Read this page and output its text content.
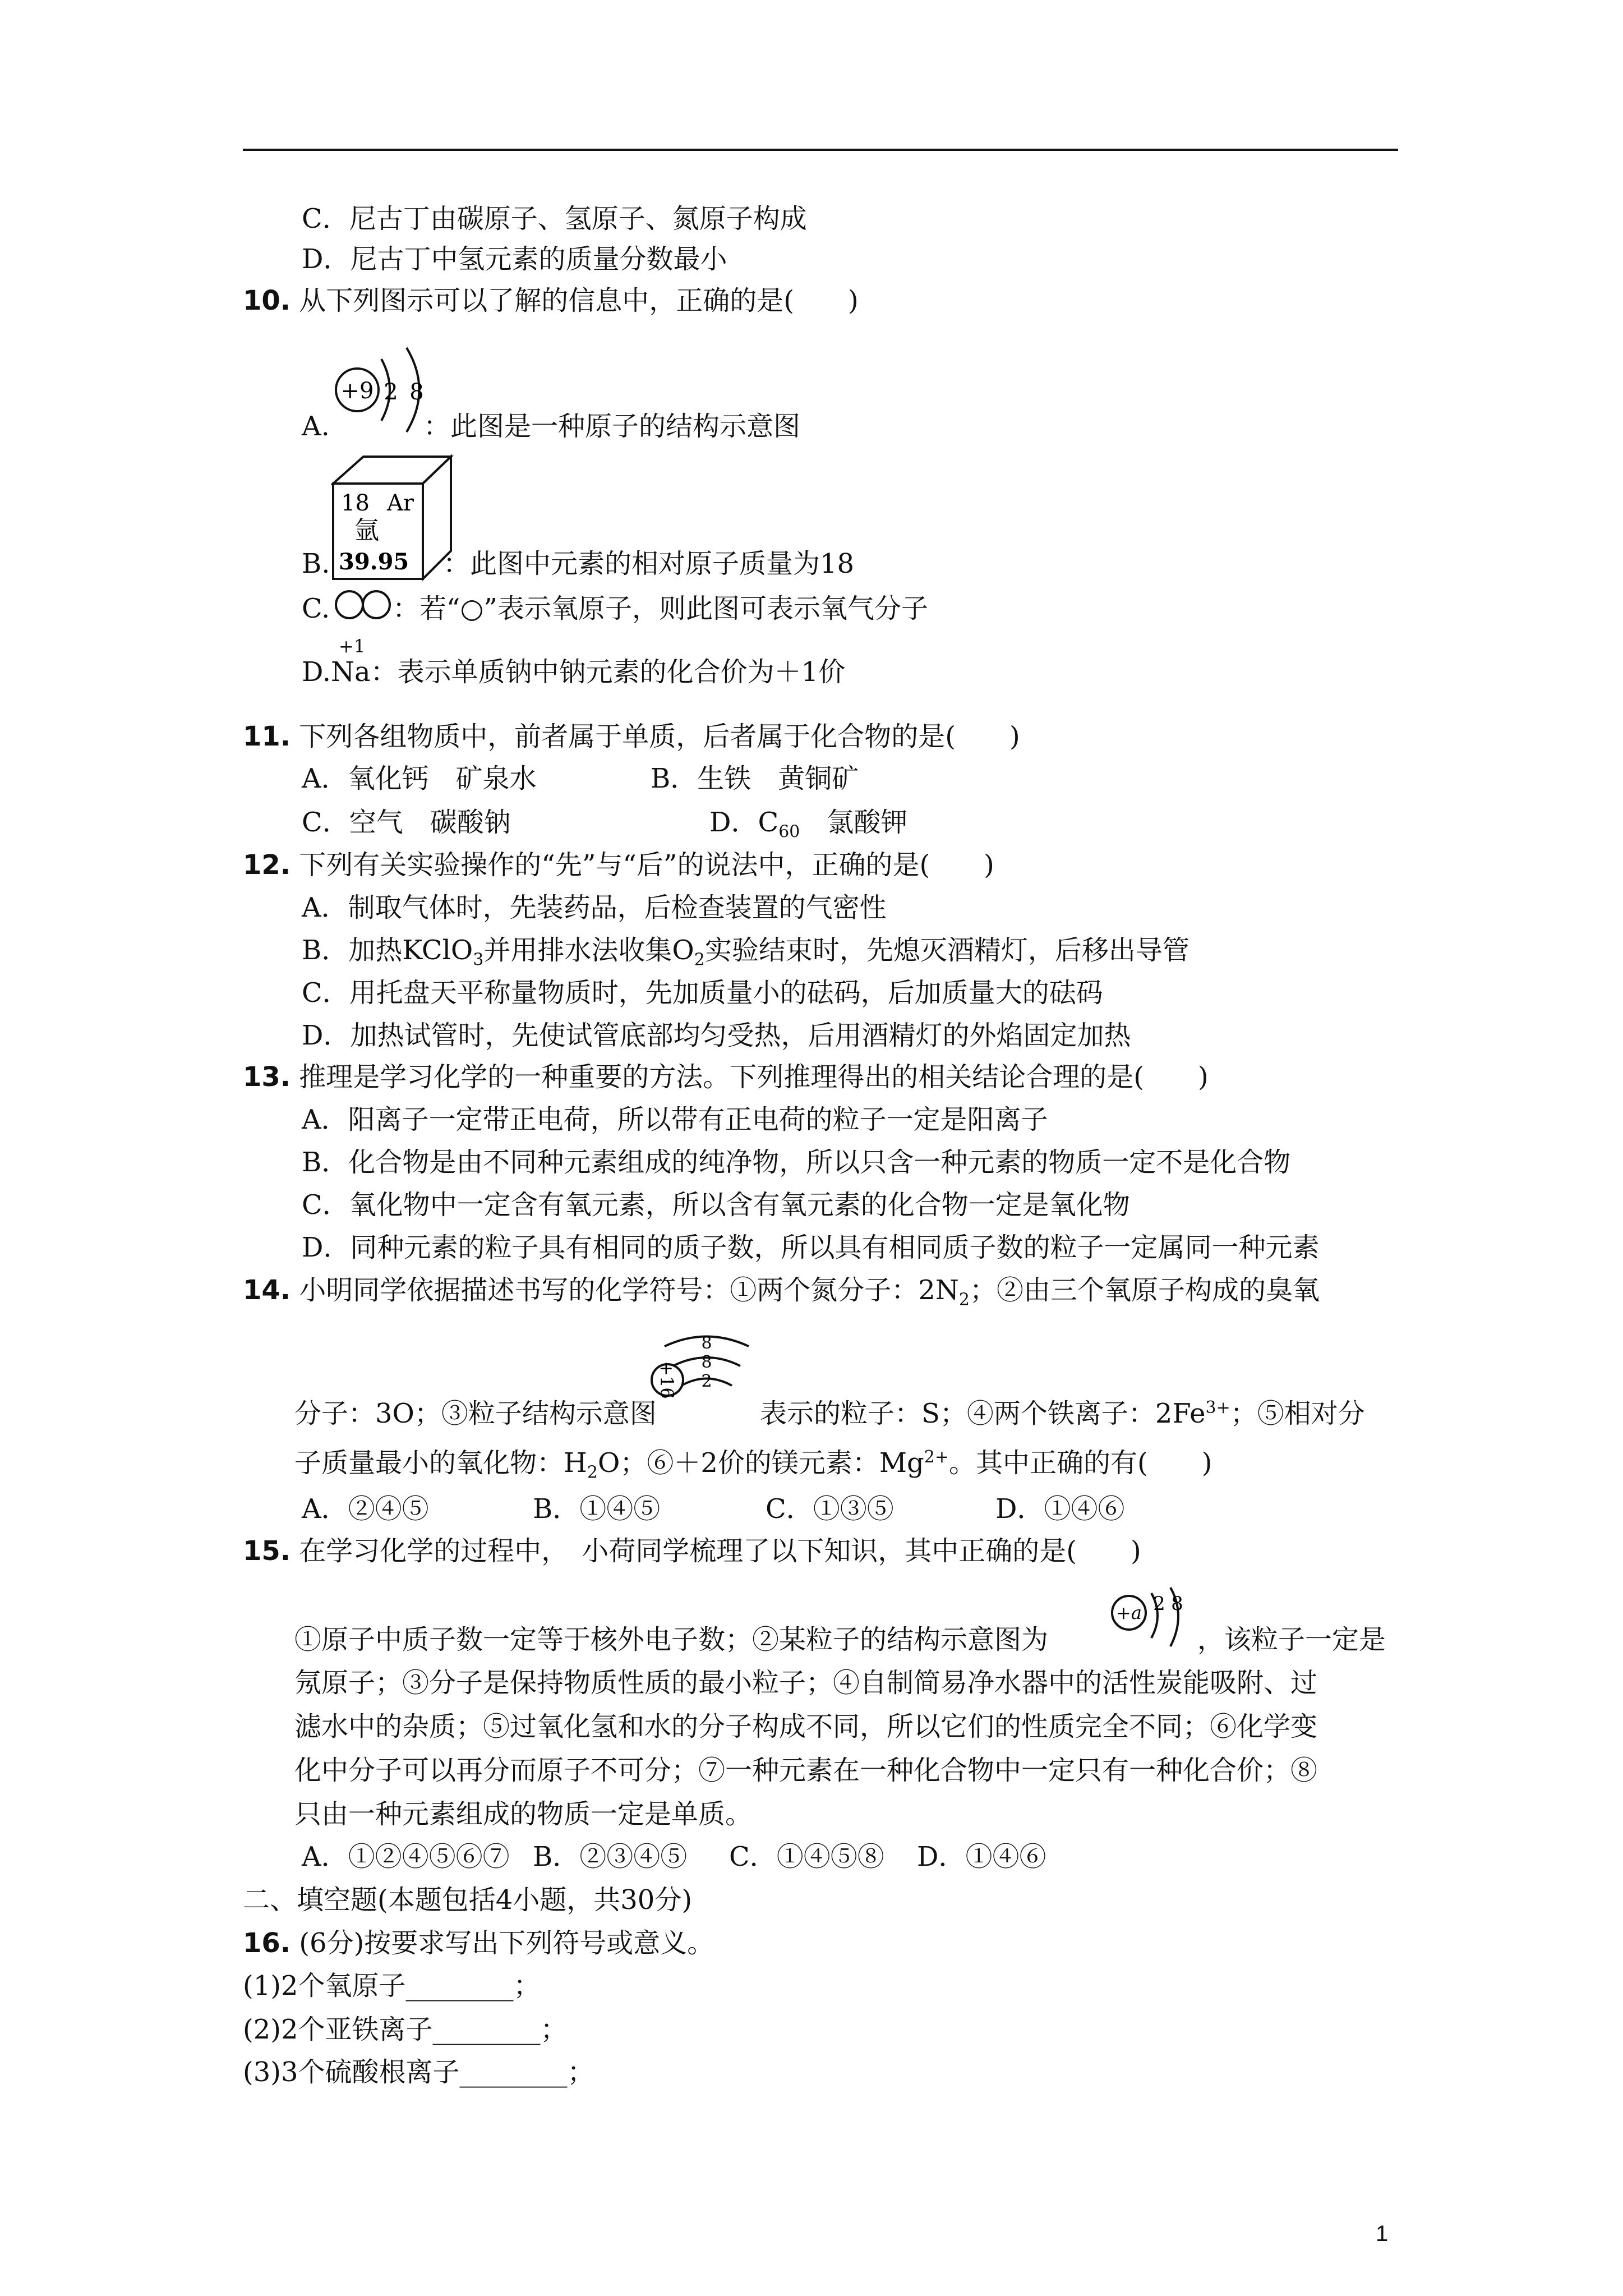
C．尼古丁由碳原子、氢原子、氮原子构成
D．尼古丁中氢元素的质量分数最小
10. 从下列图示可以了解的信息中，正确的是(　　)
A.
+9 2 8
：此图是一种原子的结构示意图
B.
18 Ar
氩
39.95 ：此图中元素的相对原子质量为18
C. ：若“○”表示氧原子，则此图可表示氧气分子
+1
D.Na：表示单质钠中钠元素的化合价为＋1价
11. 下列各组物质中，前者属于单质，后者属于化合物的是(　　)
A．氧化钙　矿泉水	B．生铁　黄铜矿
C．空气　碳酸钠	D．$C_{60}$　氯酸钾
12. 下列有关实验操作的“先”与“后”的说法中，正确的是(　　)
A．制取气体时，先装药品，后检查装置的气密性
B．加热KClO$_3$并用排水法收集$O_2$实验结束时，先熄灭酒精灯，后移出导管
C．用托盘天平称量物质时，先加质量小的砝码，后加质量大的砝码
D．加热试管时，先使试管底部均匀受热，后用酒精灯的外焰固定加热
13. 推理是学习化学的一种重要的方法。下列推理得出的相关结论合理的是(　　)
A．阳离子一定带正电荷，所以带有正电荷的粒子一定是阳离子
B．化合物是由不同种元素组成的纯净物，所以只含一种元素的物质一定不是化合物
C．氧化物中一定含有氧元素，所以含有氧元素的化合物一定是氧化物
D．同种元素的粒子具有相同的质子数，所以具有相同质子数的粒子一定属同一种元素
14. 小明同学依据描述书写的化学符号：①两个氮分子：$2N_2$；②由三个氧原子构成的臭氧
分子：3O；③粒子结构示意图
+16 2
8
8
表示的粒子：S；④两个铁离子：$2Fe^{3+}$；⑤相对分
子质量最小的氧化物：$H_2O$；⑥＋2价的镁元素：$Mg^{2+}$。其中正确的有(　　)
A．②④⑤	B．①④⑤	C．①③⑤	D．①④⑥
15. 在学习化学的过程中，　小荷同学梳理了以下知识，其中正确的是(　　)
①原子中质子数一定等于核外电子数；②某粒子的结构示意图为
+a 2 8
，该粒子一定是
氖原子；③分子是保持物质性质的最小粒子；④自制简易净水器中的活性炭能吸附、过
滤水中的杂质；⑤过氧化氢和水的分子构成不同，所以它们的性质完全不同；⑥化学变
化中分子可以再分而原子不可分；⑦一种元素在一种化合物中一定只有一种化合价；⑧
只由一种元素组成的物质一定是单质。
A．①②④⑤⑥⑦ B．②③④⑤ C．①④⑤⑧ D．①④⑥
二、填空题(本题包括4小题，共30分)
16. (6分)按要求写出下列符号或意义。
(1)2个氧原子________；
(2)2个亚铁离子________；
(3)3个硫酸根离子________；
1
